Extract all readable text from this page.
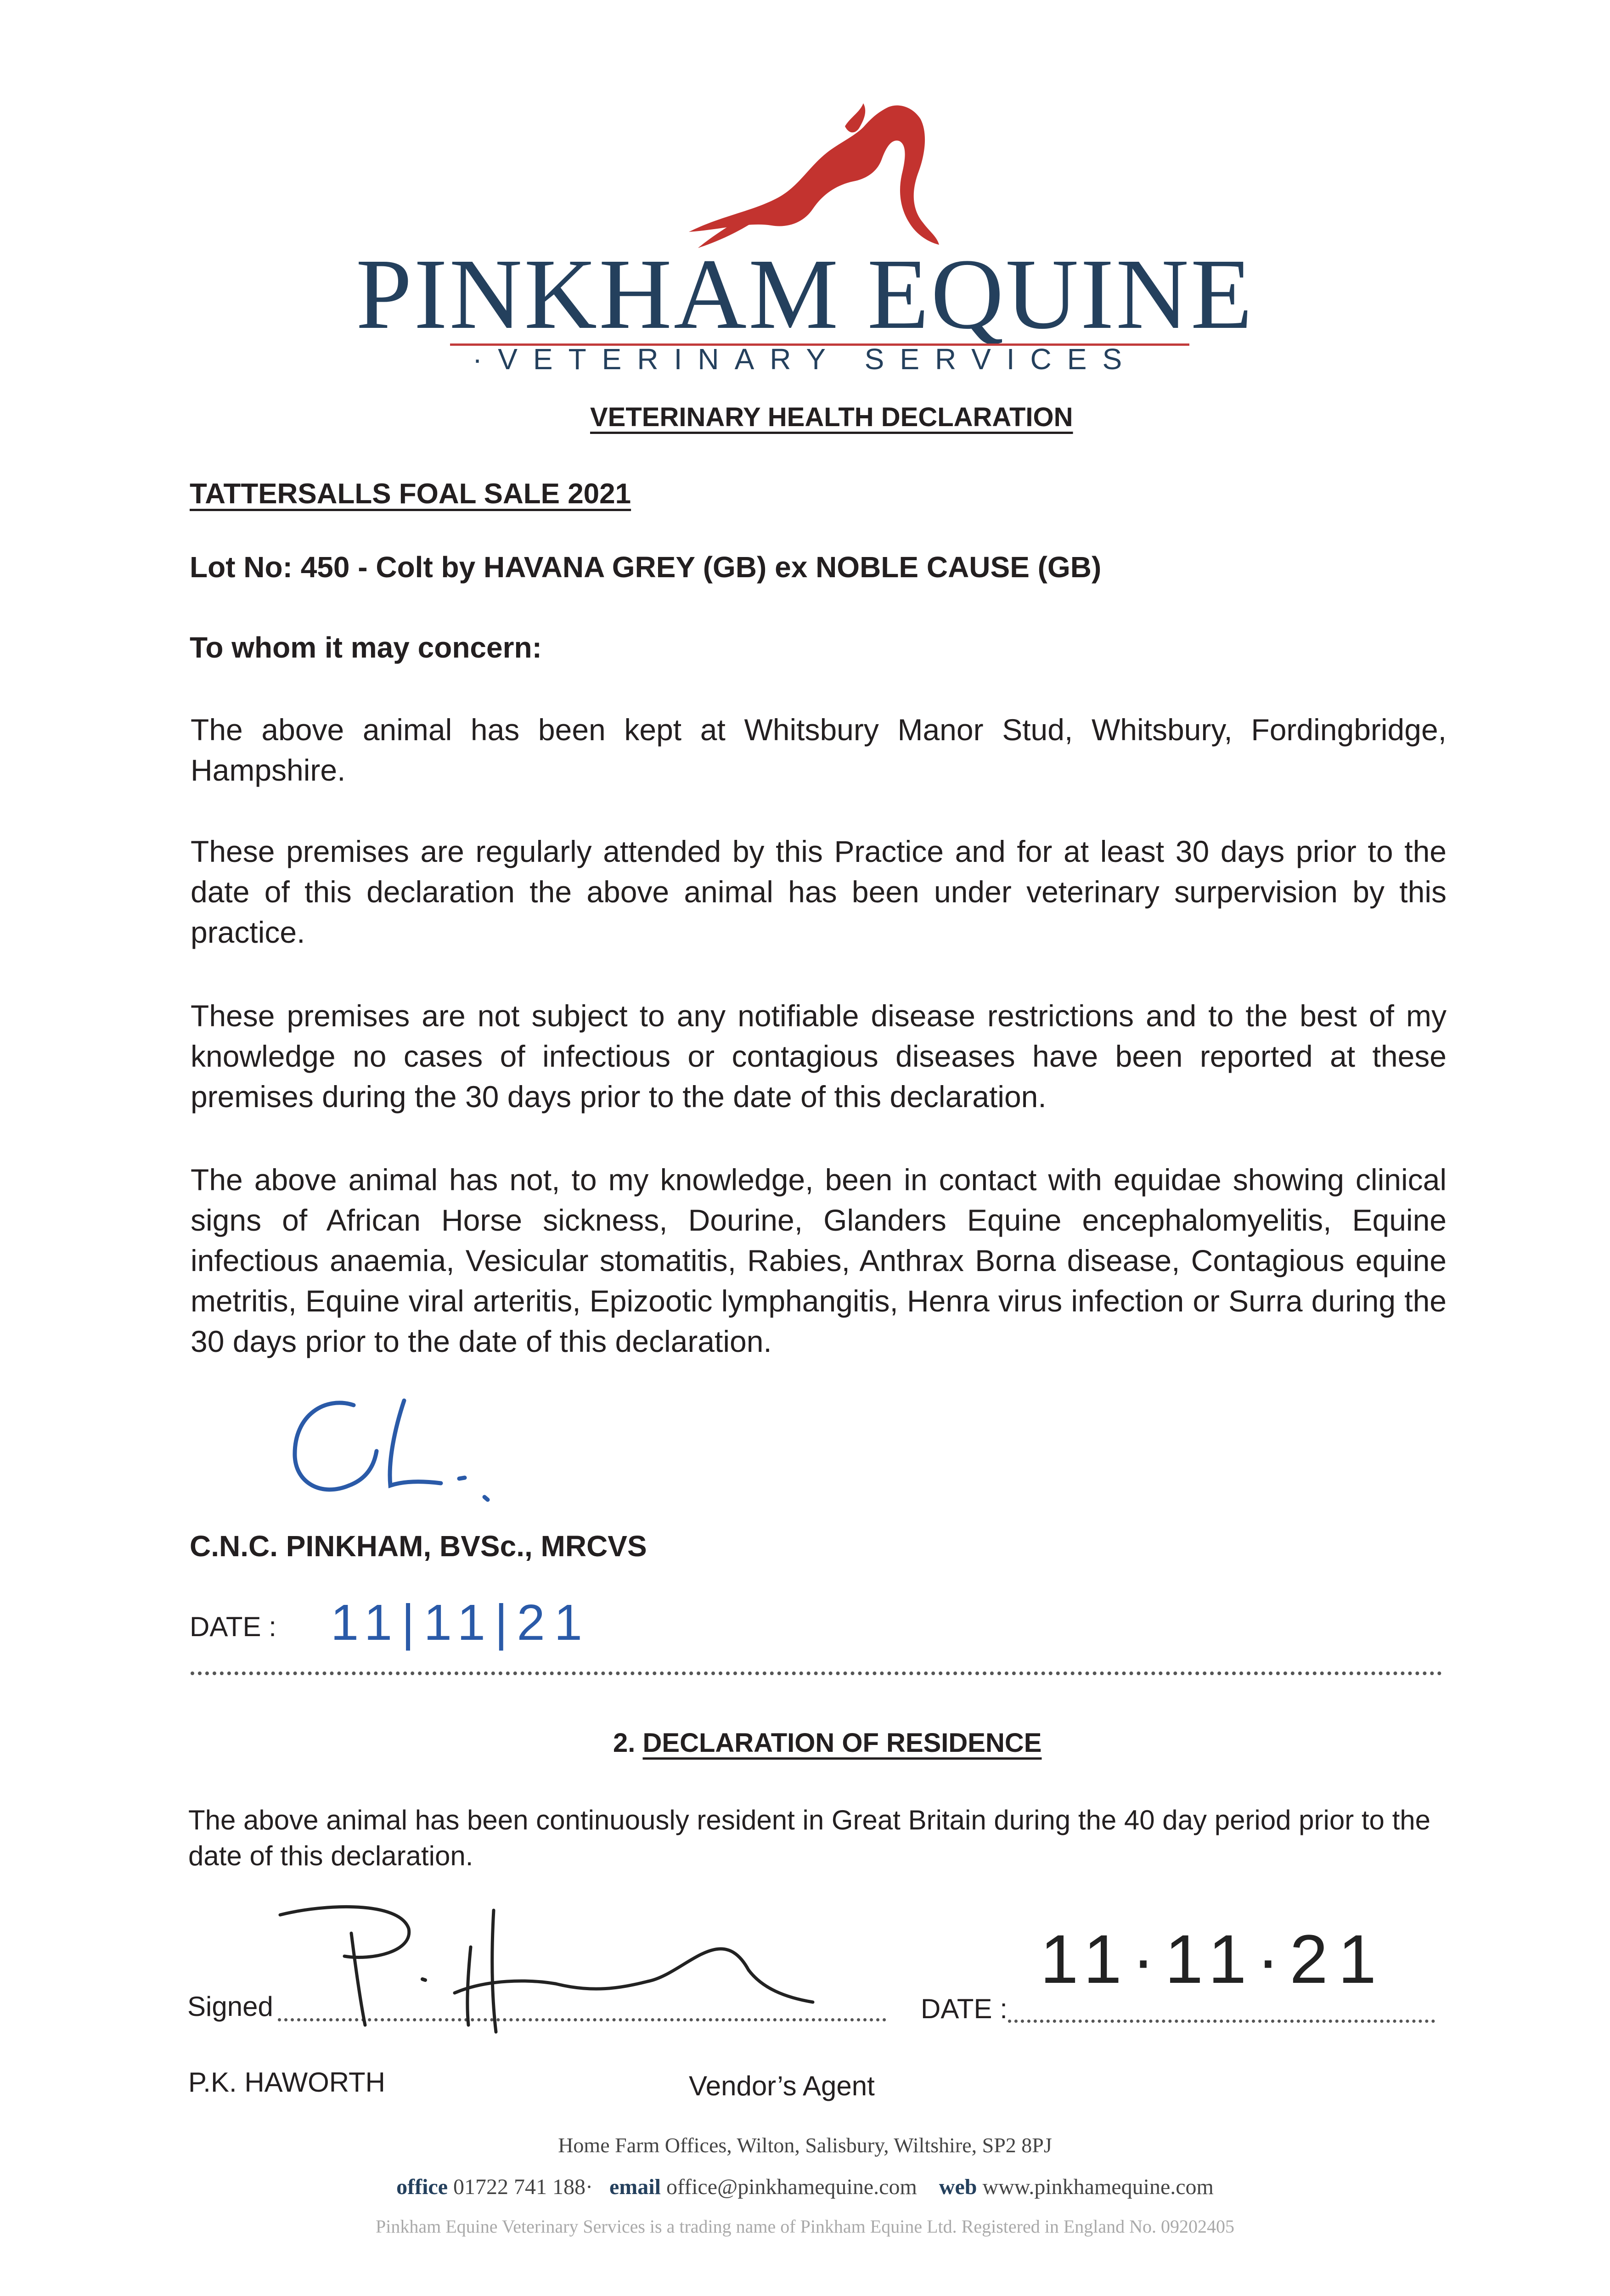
PINKHAM EQUINE
·VETERINARY SERVICES
VETERINARY HEALTH DECLARATION
TATTERSALLS FOAL SALE 2021
Lot No: 450 - Colt by HAVANA GREY (GB) ex NOBLE CAUSE (GB)
To whom it may concern:
The above animal has been kept at Whitsbury Manor Stud, Whitsbury, Fordingbridge, Hampshire.
These premises are regularly attended by this Practice and for at least 30 days prior to the date of this declaration the above animal has been under veterinary surpervision by this practice.
These premises are not subject to any notifiable disease restrictions and to the best of my knowledge no cases of infectious or contagious diseases have been reported at these premises during the 30 days prior to the date of this declaration.
The above animal has not, to my knowledge, been in contact with equidae showing clinical signs of African Horse sickness, Dourine, Glanders Equine encephalomyelitis, Equine infectious anaemia, Vesicular stomatitis, Rabies, Anthrax Borna disease, Contagious equine metritis, Equine viral arteritis, Epizootic lymphangitis, Henra virus infection or Surra during the 30 days prior to the date of this declaration.
C.N.C. PINKHAM, BVSc., MRCVS
DATE : 11|11|21
2. DECLARATION OF RESIDENCE
The above animal has been continuously resident in Great Britain during the 40 day period prior to the date of this declaration.
Signed	DATE :
11·11·21
P.K. HAWORTH	Vendor’s Agent
Home Farm Offices, Wilton, Salisbury, Wiltshire, SP2 8PJ
office 01722 741 188· email office@pinkhamequine.com web www.pinkhamequine.com
Pinkham Equine Veterinary Services is a trading name of Pinkham Equine Ltd. Registered in England No. 09202405
